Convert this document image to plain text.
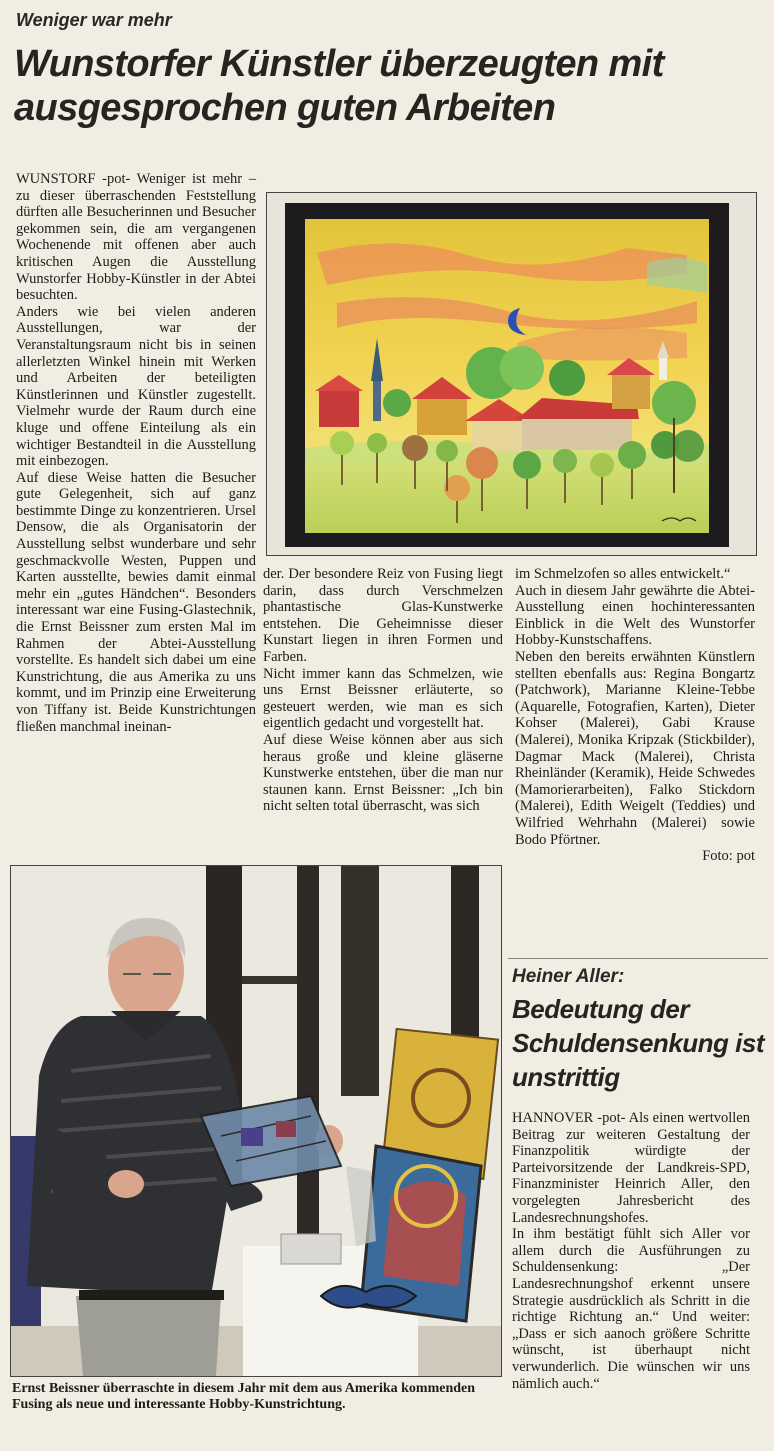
Weniger war mehr
Wunstorfer Künstler überzeugten mit ausgesprochen guten Arbeiten

WUNSTORF -pot- Weniger ist mehr – zu dieser überraschenden Feststellung dürften alle Besucherinnen und Besucher gekommen sein, die am vergangenen Wochenende mit offenen aber auch kritischen Augen die Ausstellung Wunstorfer Hobby-Künstler in der Abtei besuchten.

Anders wie bei vielen anderen Ausstellungen, war der Veranstaltungsraum nicht bis in seinen allerletzten Winkel hinein mit Werken und Arbeiten der beteiligten Künstlerinnen und Künstler zugestellt. Vielmehr wurde der Raum durch eine kluge und offene Einteilung als ein wichtiger Bestandteil in die Ausstellung mit einbezogen.

Auf diese Weise hatten die Besucher gute Gelegenheit, sich auf ganz bestimmte Dinge zu konzentrieren. Ursel Densow, die als Organisatorin der Ausstellung selbst wunderbare und sehr geschmackvolle Westen, Puppen und Karten ausstellte, bewies damit einmal mehr ein „gutes Händchen“. Besonders interessant war eine Fusing-Glastechnik, die Ernst Beissner zum ersten Mal im Rahmen der Abtei-Ausstellung vorstellte. Es handelt sich dabei um eine Kunstrichtung, die aus Amerika zu uns kommt, und im Prinzip eine Erweiterung von Tiffany ist. Beide Kunstrichtungen fließen manchmal ineinan-

der. Der besondere Reiz von Fusing liegt darin, dass durch Verschmelzen phantastische Glas-Kunstwerke entstehen. Die Geheimnisse dieser Kunstart liegen in ihren Formen und Farben.

Nicht immer kann das Schmelzen, wie uns Ernst Beissner erläuterte, so gesteuert werden, wie man es sich eigentlich gedacht und vorgestellt hat.

Auf diese Weise können aber aus sich heraus große und kleine gläserne Kunstwerke entstehen, über die man nur staunen kann. Ernst Beissner: „Ich bin nicht selten total überrascht, was sich

im Schmelzofen so alles entwickelt.“

Auch in diesem Jahr gewährte die Abtei-Ausstellung einen hochinteressanten Einblick in die Welt des Wunstorfer Hobby-Kunstschaffens.

Neben den bereits erwähnten Künstlern stellten ebenfalls aus: Regina Bongartz (Patchwork), Marianne Kleine-Tebbe (Aquarelle, Fotografien, Karten), Dieter Kohser (Malerei), Gabi Krause (Malerei), Monika Kripzak (Stickbilder), Dagmar Mack (Malerei), Christa Rheinländer (Keramik), Heide Schwedes (Mamorierarbeiten), Falko Stickdorn (Malerei), Edith Weigelt (Teddies) und Wilfried Wehrhahn (Malerei) sowie Bodo Pförtner.

Foto: pot

Ernst Beissner überraschte in diesem Jahr mit dem aus Amerika kommenden Fusing als neue und interessante Hobby-Kunstrichtung.

Heiner Aller:
Bedeutung der Schuldensenkung ist unstrittig

HANNOVER -pot- Als einen wertvollen Beitrag zur weiteren Gestaltung der Finanzpolitik würdigte der Parteivorsitzende der Landkreis-SPD, Finanzminister Heinrich Aller, den vorgelegten Jahresbericht des Landesrechnungshofes.

In ihm bestätigt fühlt sich Aller vor allem durch die Ausführungen zu Schuldensenkung: „Der Landesrechnungshof erkennt unsere Strategie ausdrücklich als Schritt in die richtige Richtung an.“ Und weiter: „Dass er sich aanoch größere Schritte wünscht, ist überhaupt nicht verwunderlich. Die wünschen wir uns nämlich auch.“
